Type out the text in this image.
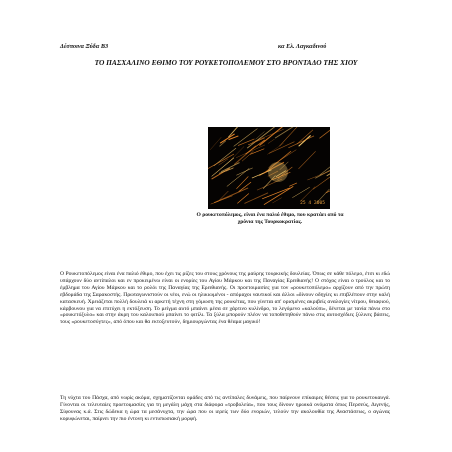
Δέσποινα Ξύδα B3	κα Ελ. Λαγκαδινού
ΤΟ ΠΑΣΧΑΛΙΝΟ ΕΘΙΜΟ ΤΟΥ ΡΟΥΚΕΤΟΠΟΛΕΜΟΥ ΣΤΟ ΒΡΟΝΤΑΔΟ ΤΗΣ ΧΙΟΥ
25 4 2005
Ο ρουκετοπόλεμος, είναι ένα παλιό έθιμο, που κρατάει από τα χρόνια της Τουρκοκρατίας.

Ο Ρουκετοπόλεμος είναι ένα παλιό έθιμο, που έχει τις ρίζες του στους χρόνους της μαύρης τουρκικής δουλείας. Όπως σε κάθε πόλεμο, έτσι κι εδώ υπάρχουν δύο αντίπαλοι και εν προκειμένω είναι οι ενορίες του Αγίου Μάρκου και της Παναγίας Ερειθιανής! Ο στόχος είναι ο τρούλος και το έμβλημα του Αγίου Μάρκου και το ρολόι της Παναγίας της Ερειθιανής. Οι προετοιμασίες για τον «ρουκετοπόλεμο» αρχίζουν από την πρώτη εβδομάδα της Σαρακοστής. Πρωταγωνιστούν οι νέοι, ενώ οι ηλικιωμένοι - απόμαχοι ναυτικοί και άλλοι «δίνουν οδηγίες κι επιβλέπουν στην καλή κατασκευή. Χρειάζεται πολλή δουλειά κι αρκετή τέχνη στη γόμωση της ρουκέτας, που γίνεται απ' ορισμένες ακριβείς αναλογίες νίτρου, θειαφιού, κάρβουνου για να επιτύχει η εκτόξευση. Το μείγμα αυτό μπαίνει μέσα σε χάρτινο κυλίνδρο, το λεγόμενο «καλούπι», δένεται με τανία πάνω στο «ρουκετόξυλο» και στην άκρη του καλουπιού μπαίνει το φιτίλι. Τα ξύλα μπορούν πλέον να τοποθετηθούν πάνω στις αυτοσχέδιες ξύλινες βάσεις, τους «ρουκετοσύγτες», από όπου και θα εκτοξευτούν, δημιουργώντας ένα θέαμα μαγικό!

Τη νύχτα του Πάσχα, από νωρίς ακόμα, σχηματίζονται ομάδες από τις αντίπαλες δυνάμεις, που παίρνουν επίκαιρες θέσεις για το ρουκετοκαυγά. Γίνονται οι τελευταίες προετοιμασίες για τη μεγάλη μάχη στα διάφορα «τροβολεία», που τους δίνουν ηρωικά ονόματα όπως Περσεύς, Διγενής, Σίφουνας κ.ά. Στις δώδεκα η ώρα τα μεσάνυχτα, την ώρα που οι ιερείς των δύο ενοριών, τελούν την ακολουθία της Αναστάσεως, ο αγώνας κορυφώνεται, παίρνει την πιο έντονη κι εντυπωσιακή μορφή.
